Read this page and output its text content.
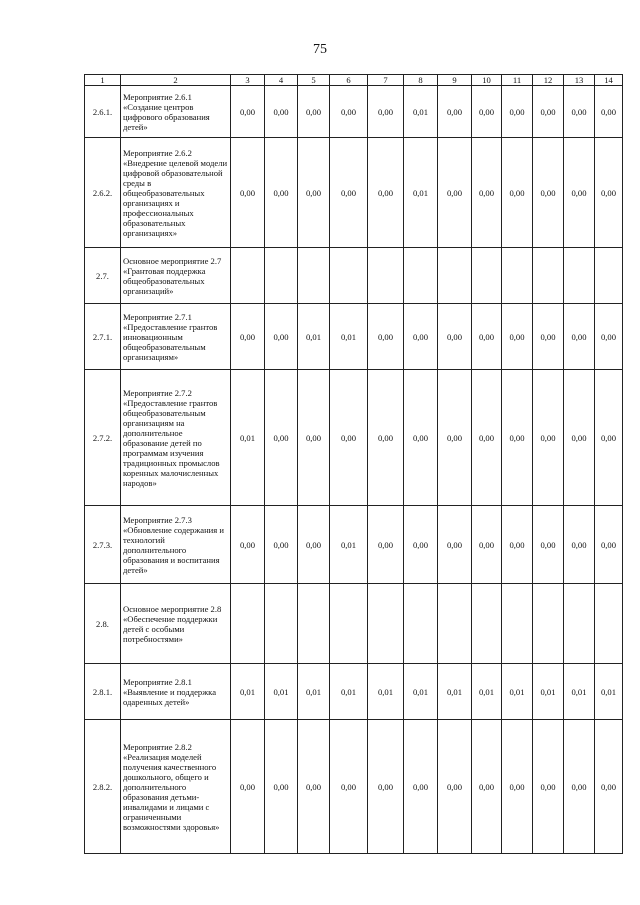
75
1	2	3	4	5	6	7	8	9	10	11	12	13	14
2.6.1.	Мероприятие 2.6.1 «Создание центров цифрового образования детей»	0,00	0,00	0,00	0,00	0,00	0,01	0,00	0,00	0,00	0,00	0,00	0,00
2.6.2.	Мероприятие 2.6.2 «Внедрение целевой модели цифровой образовательной среды в общеобразовательных организациях и профессиональных образовательных организациях»	0,00	0,00	0,00	0,00	0,00	0,01	0,00	0,00	0,00	0,00	0,00	0,00
2.7.	Основное мероприятие 2.7 «Грантовая поддержка общеобразовательных организаций»												
2.7.1.	Мероприятие 2.7.1 «Предоставление грантов инновационным общеобразовательным организациям»	0,00	0,00	0,01	0,01	0,00	0,00	0,00	0,00	0,00	0,00	0,00	0,00
2.7.2.	Мероприятие 2.7.2 «Предоставление грантов общеобразовательным организациям на дополнительное образование детей по программам изучения традиционных промыслов коренных малочисленных народов»	0,01	0,00	0,00	0,00	0,00	0,00	0,00	0,00	0,00	0,00	0,00	0,00
2.7.3.	Мероприятие 2.7.3 «Обновление содержания и технологий дополнительного образования и воспитания детей»	0,00	0,00	0,00	0,01	0,00	0,00	0,00	0,00	0,00	0,00	0,00	0,00
2.8.	Основное мероприятие 2.8 «Обеспечение поддержки детей с особыми потребностями»												
2.8.1.	Мероприятие 2.8.1 «Выявление и поддержка одаренных детей»	0,01	0,01	0,01	0,01	0,01	0,01	0,01	0,01	0,01	0,01	0,01	0,01
2.8.2.	Мероприятие 2.8.2 «Реализация моделей получения качественного дошкольного, общего и дополнительного образования детьми-инвалидами и лицами с ограниченными возможностями здоровья»	0,00	0,00	0,00	0,00	0,00	0,00	0,00	0,00	0,00	0,00	0,00	0,00
